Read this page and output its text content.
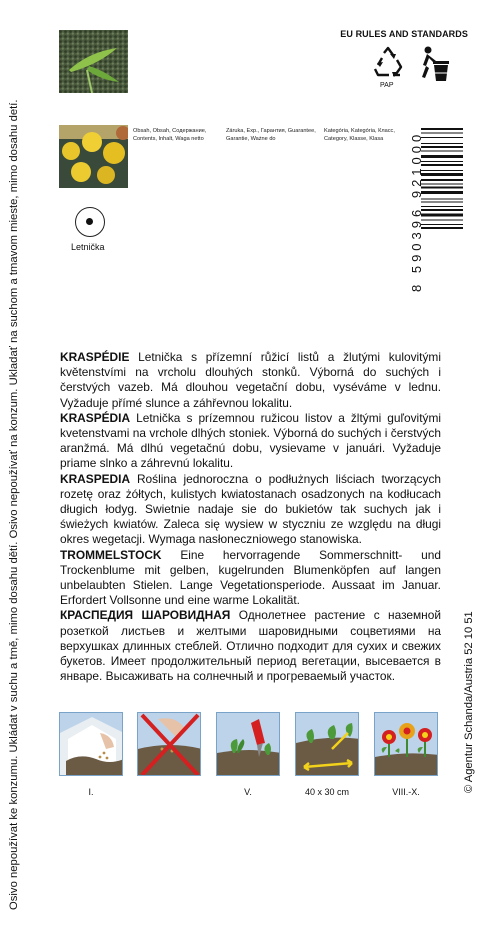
Osivo nepoužívat ke konzumu. Ukládat v suchu a tmě, mimo dosahu dětí. Osivo nepoužívať na konzum. Ukladať na suchom a tmavom mieste, mimo dosahu detí.	© Agentur Schanda/Austria 52 10 51
EU RULES AND STANDARDS
PAP
Obsah, Obsah, Содержание, Contents, Inhalt, Waga netto
Záruka, Exp., Гарантия, Guarantee, Garantie, Ważne do
Kategória, Kategória, Класс, Category, Klasse, Klasa	8 590396 921000
Letnička

KRASPÉDIE Letnička s přízemní růžicí listů a žlutými kulovitými květenstvími na vrcholu dlouhých stonků. Výborná do suchých i čerstvých vazeb. Má dlouhou vegetační dobu, vyséváme v lednu. Vyžaduje přímé slunce a záhřevnou lokalitu.

KRASPÉDIA Letnička s prízemnou ružicou listov a žltými guľovitými kvetenstvami na vrchole dlhých stoniek. Výborná do suchých i čerstvých aranžmá. Má dlhú vegetačnú dobu, vysievame v januári. Vyžaduje priame slnko a záhrevnú lokalitu.

KRASPEDIA Roślina jednoroczna o podłużnych liściach tworzących rozetę oraz żółtych, kulistych kwiatostanach osadzonych na kodłucach długich łodyg. Swietnie nadaje sie do bukietów tak suchych jak i świeżych kwiatów. Zaleca się wysiew w styczniu ze względu na długi okres wegetacji. Wymaga nasłoneczniowego stanowiska.

TROMMELSTOCK Eine hervorragende Sommerschnitt- und Trockenblume mit gelben, kugelrunden Blumenköpfen auf langen unbelaubten Stielen. Lange Vegetationsperiode. Aussaat im Januar. Erfordert Vollsonne und eine warme Lokalität.

КРАСПЕДИЯ ШАРОВИДНАЯ Однолетнее растение с наземной розеткой листьев и желтыми шаровидными соцветиями на верхушках длинных стеблей. Отлично подходит для сухих и свежих букетов. Имеет продолжительный период вегетации, высевается в январе. Высаживать на солнечный и прогреваемый участок.

I.	V.	40 x 30 cm	VIII.-X.
